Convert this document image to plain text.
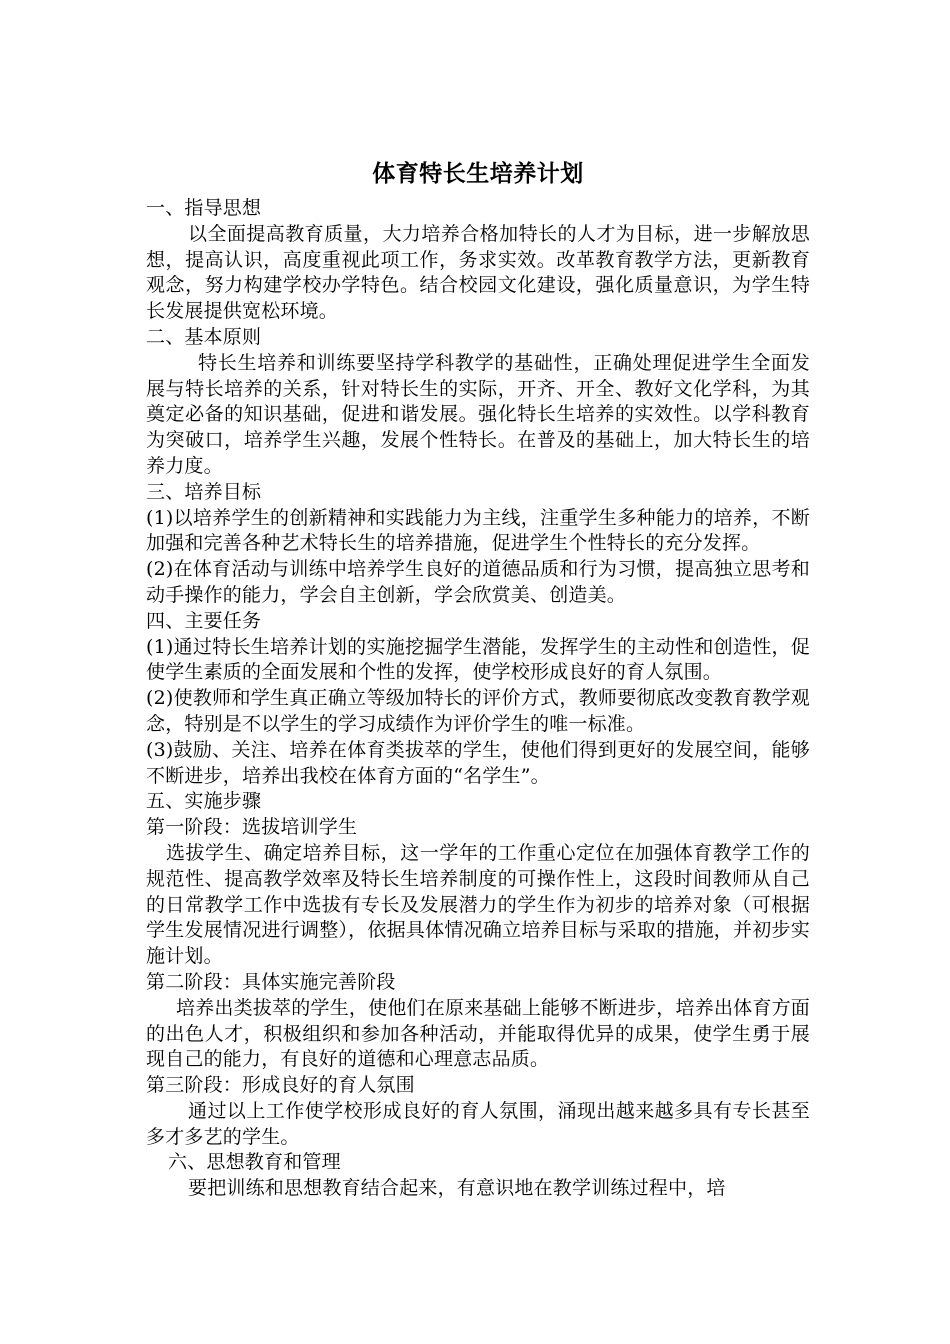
体育特长生培养计划
一、指导思想
以全面提高教育质量，大力培养合格加特长的人才为目标，进一步解放思想，提高认识，高度重视此项工作，务求实效。改革教育教学方法，更新教育观念，努力构建学校办学特色。结合校园文化建设，强化质量意识，为学生特长发展提供宽松环境。
二、基本原则
特长生培养和训练要坚持学科教学的基础性，正确处理促进学生全面发展与特长培养的关系，针对特长生的实际，开齐、开全、教好文化学科，为其奠定必备的知识基础，促进和谐发展。强化特长生培养的实效性。以学科教育为突破口，培养学生兴趣，发展个性特长。在普及的基础上，加大特长生的培养力度。
三、培养目标
(1)以培养学生的创新精神和实践能力为主线，注重学生多种能力的培养，不断加强和完善各种艺术特长生的培养措施，促进学生个性特长的充分发挥。
(2)在体育活动与训练中培养学生良好的道德品质和行为习惯，提高独立思考和动手操作的能力，学会自主创新，学会欣赏美、创造美。
四、主要任务
(1)通过特长生培养计划的实施挖掘学生潜能，发挥学生的主动性和创造性，促使学生素质的全面发展和个性的发挥，使学校形成良好的育人氛围。
(2)使教师和学生真正确立等级加特长的评价方式，教师要彻底改变教育教学观念，特别是不以学生的学习成绩作为评价学生的唯一标准。
(3)鼓励、关注、培养在体育类拔萃的学生，使他们得到更好的发展空间，能够不断进步，培养出我校在体育方面的“名学生”。
五、实施步骤
第一阶段：选拔培训学生
选拔学生、确定培养目标，这一学年的工作重心定位在加强体育教学工作的规范性、提高教学效率及特长生培养制度的可操作性上，这段时间教师从自己的日常教学工作中选拔有专长及发展潜力的学生作为初步的培养对象（可根据学生发展情况进行调整），依据具体情况确立培养目标与采取的措施，并初步实施计划。
第二阶段：具体实施完善阶段
培养出类拔萃的学生，使他们在原来基础上能够不断进步，培养出体育方面的出色人才，积极组织和参加各种活动，并能取得优异的成果，使学生勇于展现自己的能力，有良好的道德和心理意志品质。
第三阶段：形成良好的育人氛围
通过以上工作使学校形成良好的育人氛围，涌现出越来越多具有专长甚至多才多艺的学生。
六、思想教育和管理
要把训练和思想教育结合起来，有意识地在教学训练过程中，培
